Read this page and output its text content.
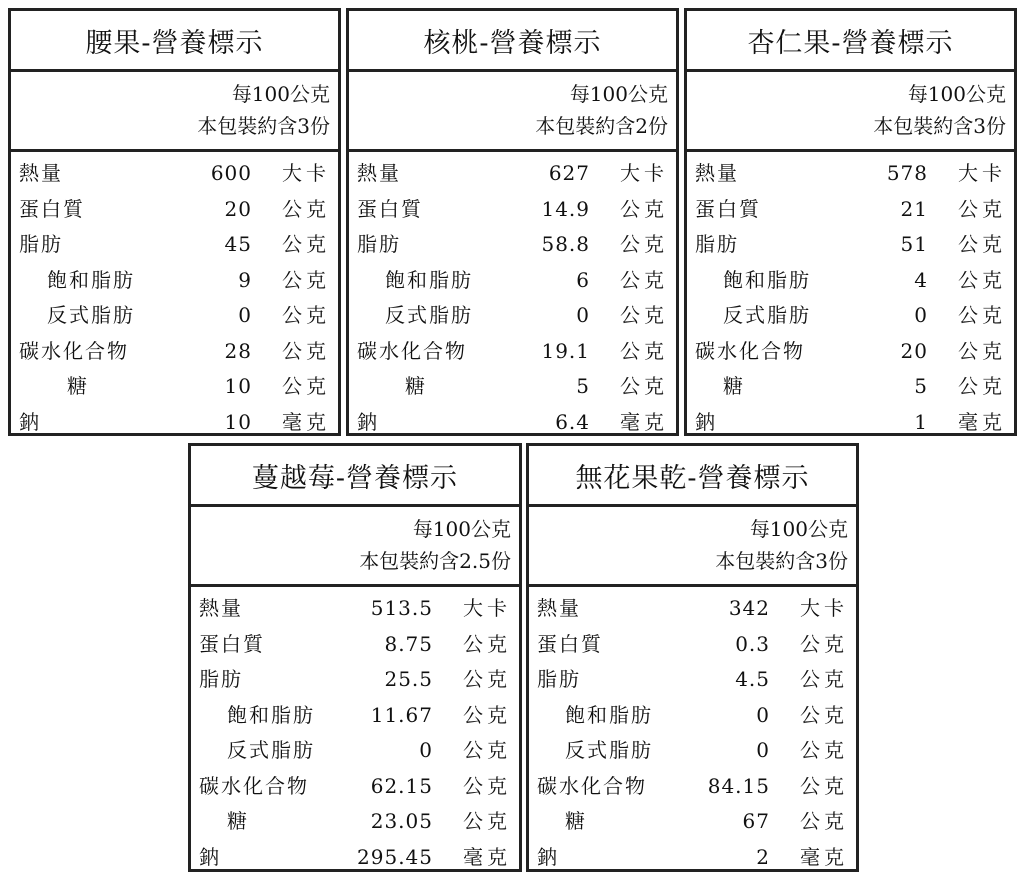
腰果-營養標示
每100公克
本包裝約含3份
熱量	600 大卡
蛋白質	20 公克
脂肪	45 公克
飽和脂肪	9 公克
反式脂肪	0 公克
碳水化合物	28 公克
糖	10 公克
鈉	10 毫克
核桃-營養標示
每100公克
本包裝約含2份
熱量	627 大卡
蛋白質	14.9 公克
脂肪	58.8 公克
飽和脂肪	6 公克
反式脂肪	0 公克
碳水化合物	19.1 公克
糖	5 公克
鈉	6.4 毫克
杏仁果-營養標示
每100公克
本包裝約含3份
熱量	578 大卡
蛋白質	21 公克
脂肪	51 公克
飽和脂肪	4 公克
反式脂肪	0 公克
碳水化合物	20 公克
糖	5 公克
鈉	1 毫克
蔓越莓-營養標示
每100公克
本包裝約含2.5份
熱量	513.5 大卡
蛋白質	8.75 公克
脂肪	25.5 公克
飽和脂肪	11.67 公克
反式脂肪	0 公克
碳水化合物	62.15 公克
糖	23.05 公克
鈉	295.45 毫克
無花果乾-營養標示
每100公克
本包裝約含3份
熱量	342 大卡
蛋白質	0.3 公克
脂肪	4.5 公克
飽和脂肪	0 公克
反式脂肪	0 公克
碳水化合物	84.15 公克
糖	67 公克
鈉	2 毫克
